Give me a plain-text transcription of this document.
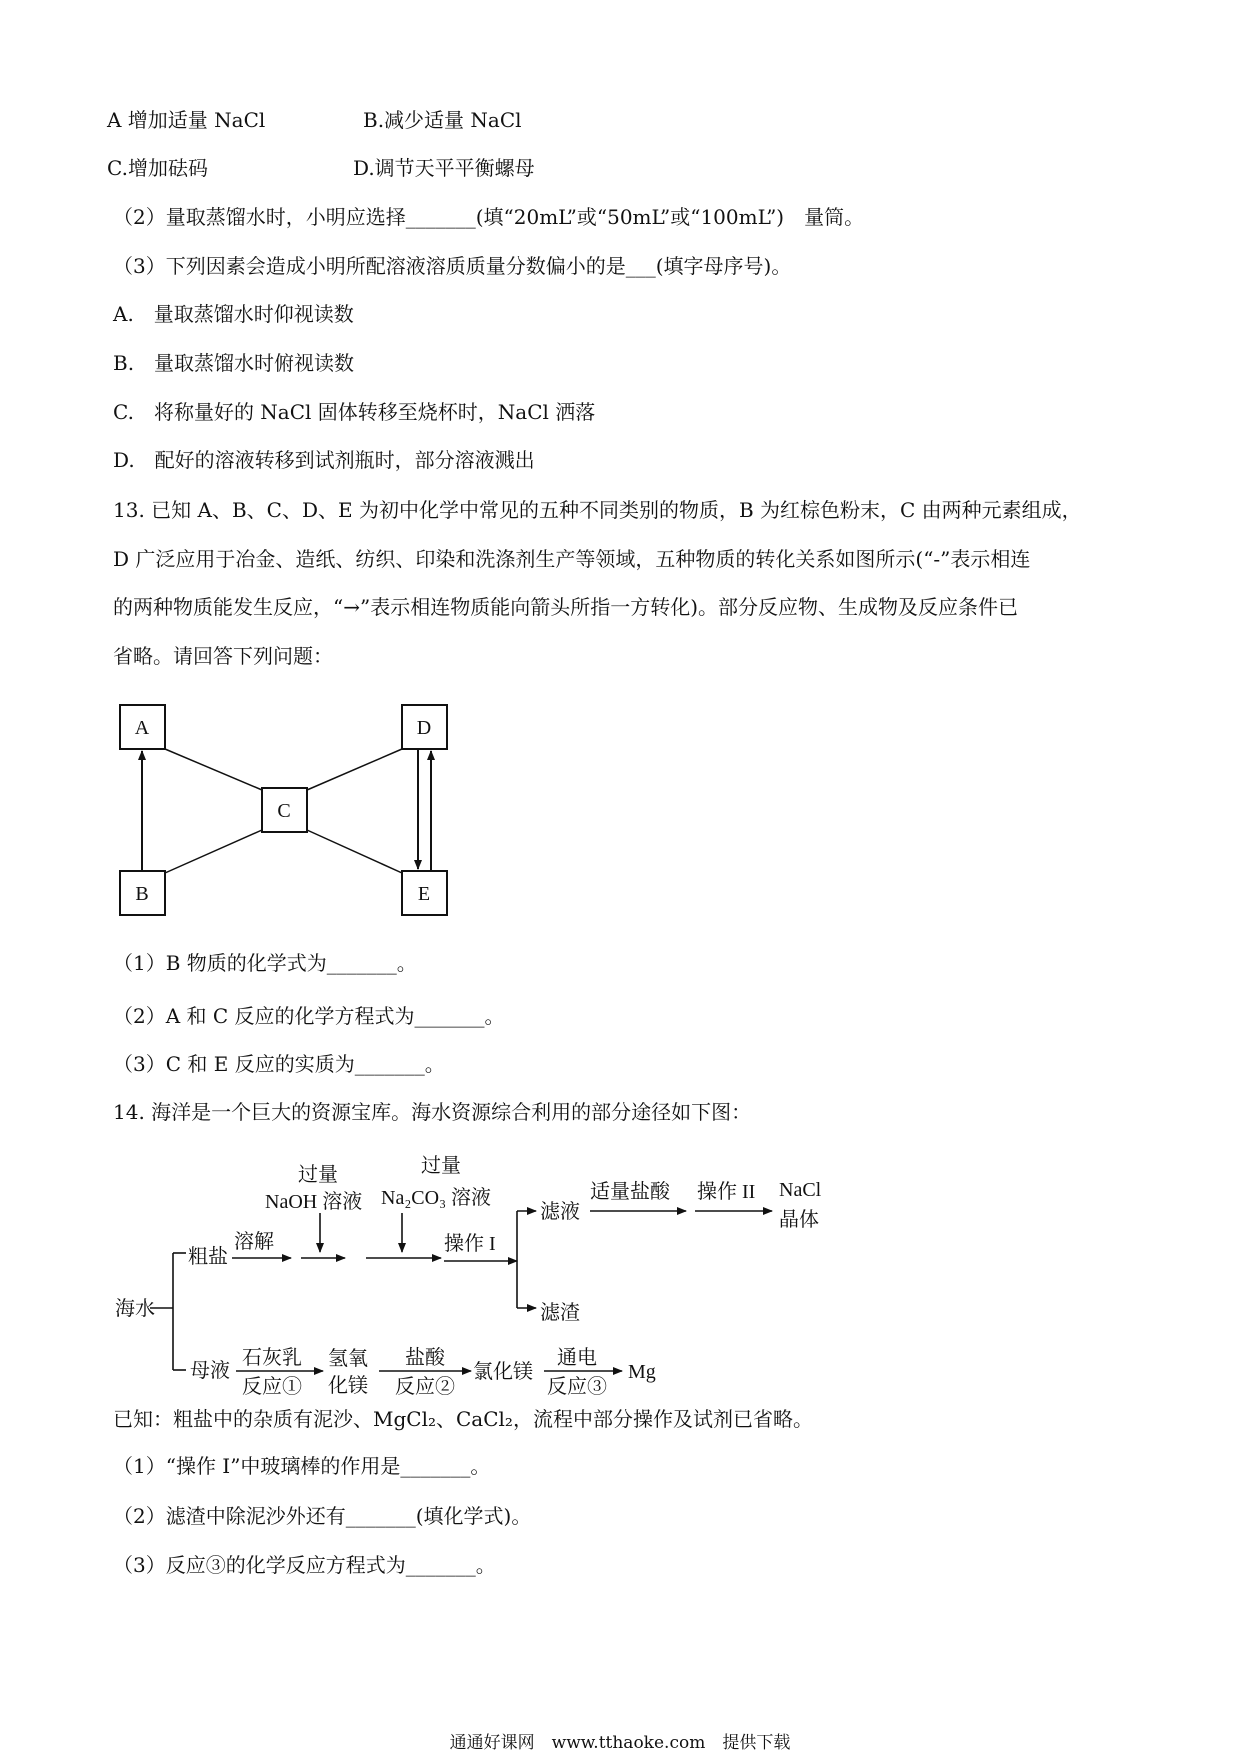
A 增加适量 NaCl	B.减少适量 NaCl
C.增加砝码	D.调节天平平衡螺母
（2）量取蒸馏水时，小明应选择_______(填“20mL”或“50mL”或“100mL”)　量筒。
（3）下列因素会造成小明所配溶液溶质质量分数偏小的是___(填字母序号)。
A.　量取蒸馏水时仰视读数
B.　量取蒸馏水时俯视读数
C.　将称量好的 NaCl 固体转移至烧杯时，NaCl 洒落
D.　配好的溶液转移到试剂瓶时，部分溶液溅出
13. 已知 A、B、C、D、E 为初中化学中常见的五种不同类别的物质，B 为红棕色粉末，C 由两种元素组成，
D 广泛应用于冶金、造纸、纺织、印染和洗涤剂生产等领域，五种物质的转化关系如图所示(“-”表示相连
的两种物质能发生反应，“→”表示相连物质能向箭头所指一方转化)。部分反应物、生成物及反应条件已
省略。请回答下列问题：
A	D
C
B	E
海水
粗盐
溶解
过量
NaOH 溶液
过量
Na₂CO₃ 溶液
操作 I
滤液
滤渣
适量盐酸 操作 II NaCl
晶体
母液
石灰乳
反应①
氢氧
化镁
盐酸
反应②
氯化镁
通电
反应③
Mg
（1）B 物质的化学式为_______。
（2）A 和 C 反应的化学方程式为_______。
（3）C 和 E 反应的实质为_______。
14. 海洋是一个巨大的资源宝库。海水资源综合利用的部分途径如下图：
已知：粗盐中的杂质有泥沙、MgCl₂、CaCl₂，流程中部分操作及试剂已省略。
（1）“操作 I”中玻璃棒的作用是_______。
（2）滤渣中除泥沙外还有_______(填化学式)。
（3）反应③的化学反应方程式为_______。
通通好课网　www.tthaoke.com　提供下载
